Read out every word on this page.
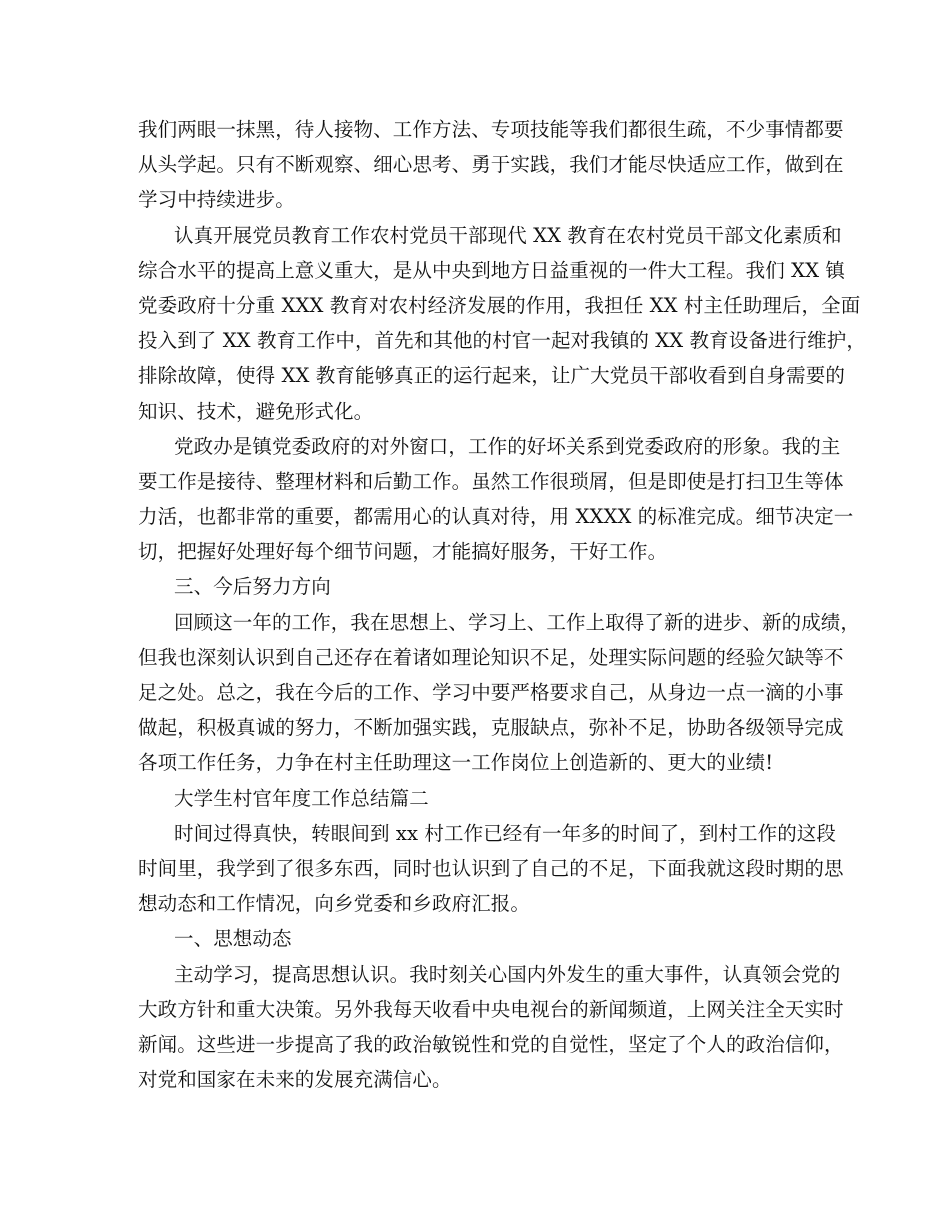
我们两眼一抹黑，待人接物、工作方法、专项技能等我们都很生疏，不少事情都要
从头学起。只有不断观察、细心思考、勇于实践，我们才能尽快适应工作，做到在
学习中持续进步。
认真开展党员教育工作农村党员干部现代 XX 教育在农村党员干部文化素质和
综合水平的提高上意义重大，是从中央到地方日益重视的一件大工程。我们 XX 镇
党委政府十分重 XXX 教育对农村经济发展的作用，我担任 XX 村主任助理后，全面
投入到了 XX 教育工作中，首先和其他的村官一起对我镇的 XX 教育设备进行维护，
排除故障，使得 XX 教育能够真正的运行起来，让广大党员干部收看到自身需要的
知识、技术，避免形式化。
党政办是镇党委政府的对外窗口，工作的好坏关系到党委政府的形象。我的主
要工作是接待、整理材料和后勤工作。虽然工作很琐屑，但是即使是打扫卫生等体
力活，也都非常的重要，都需用心的认真对待，用 XXXX 的标准完成。细节决定一
切，把握好处理好每个细节问题，才能搞好服务，干好工作。
三、今后努力方向
回顾这一年的工作，我在思想上、学习上、工作上取得了新的进步、新的成绩，
但我也深刻认识到自己还存在着诸如理论知识不足，处理实际问题的经验欠缺等不
足之处。总之，我在今后的工作、学习中要严格要求自己，从身边一点一滴的小事
做起，积极真诚的努力，不断加强实践，克服缺点，弥补不足，协助各级领导完成
各项工作任务，力争在村主任助理这一工作岗位上创造新的、更大的业绩!
大学生村官年度工作总结篇二
时间过得真快，转眼间到 xx 村工作已经有一年多的时间了，到村工作的这段
时间里，我学到了很多东西，同时也认识到了自己的不足，下面我就这段时期的思
想动态和工作情况，向乡党委和乡政府汇报。
一、思想动态
主动学习，提高思想认识。我时刻关心国内外发生的重大事件，认真领会党的
大政方针和重大决策。另外我每天收看中央电视台的新闻频道，上网关注全天实时
新闻。这些进一步提高了我的政治敏锐性和党的自觉性，坚定了个人的政治信仰，
对党和国家在未来的发展充满信心。
